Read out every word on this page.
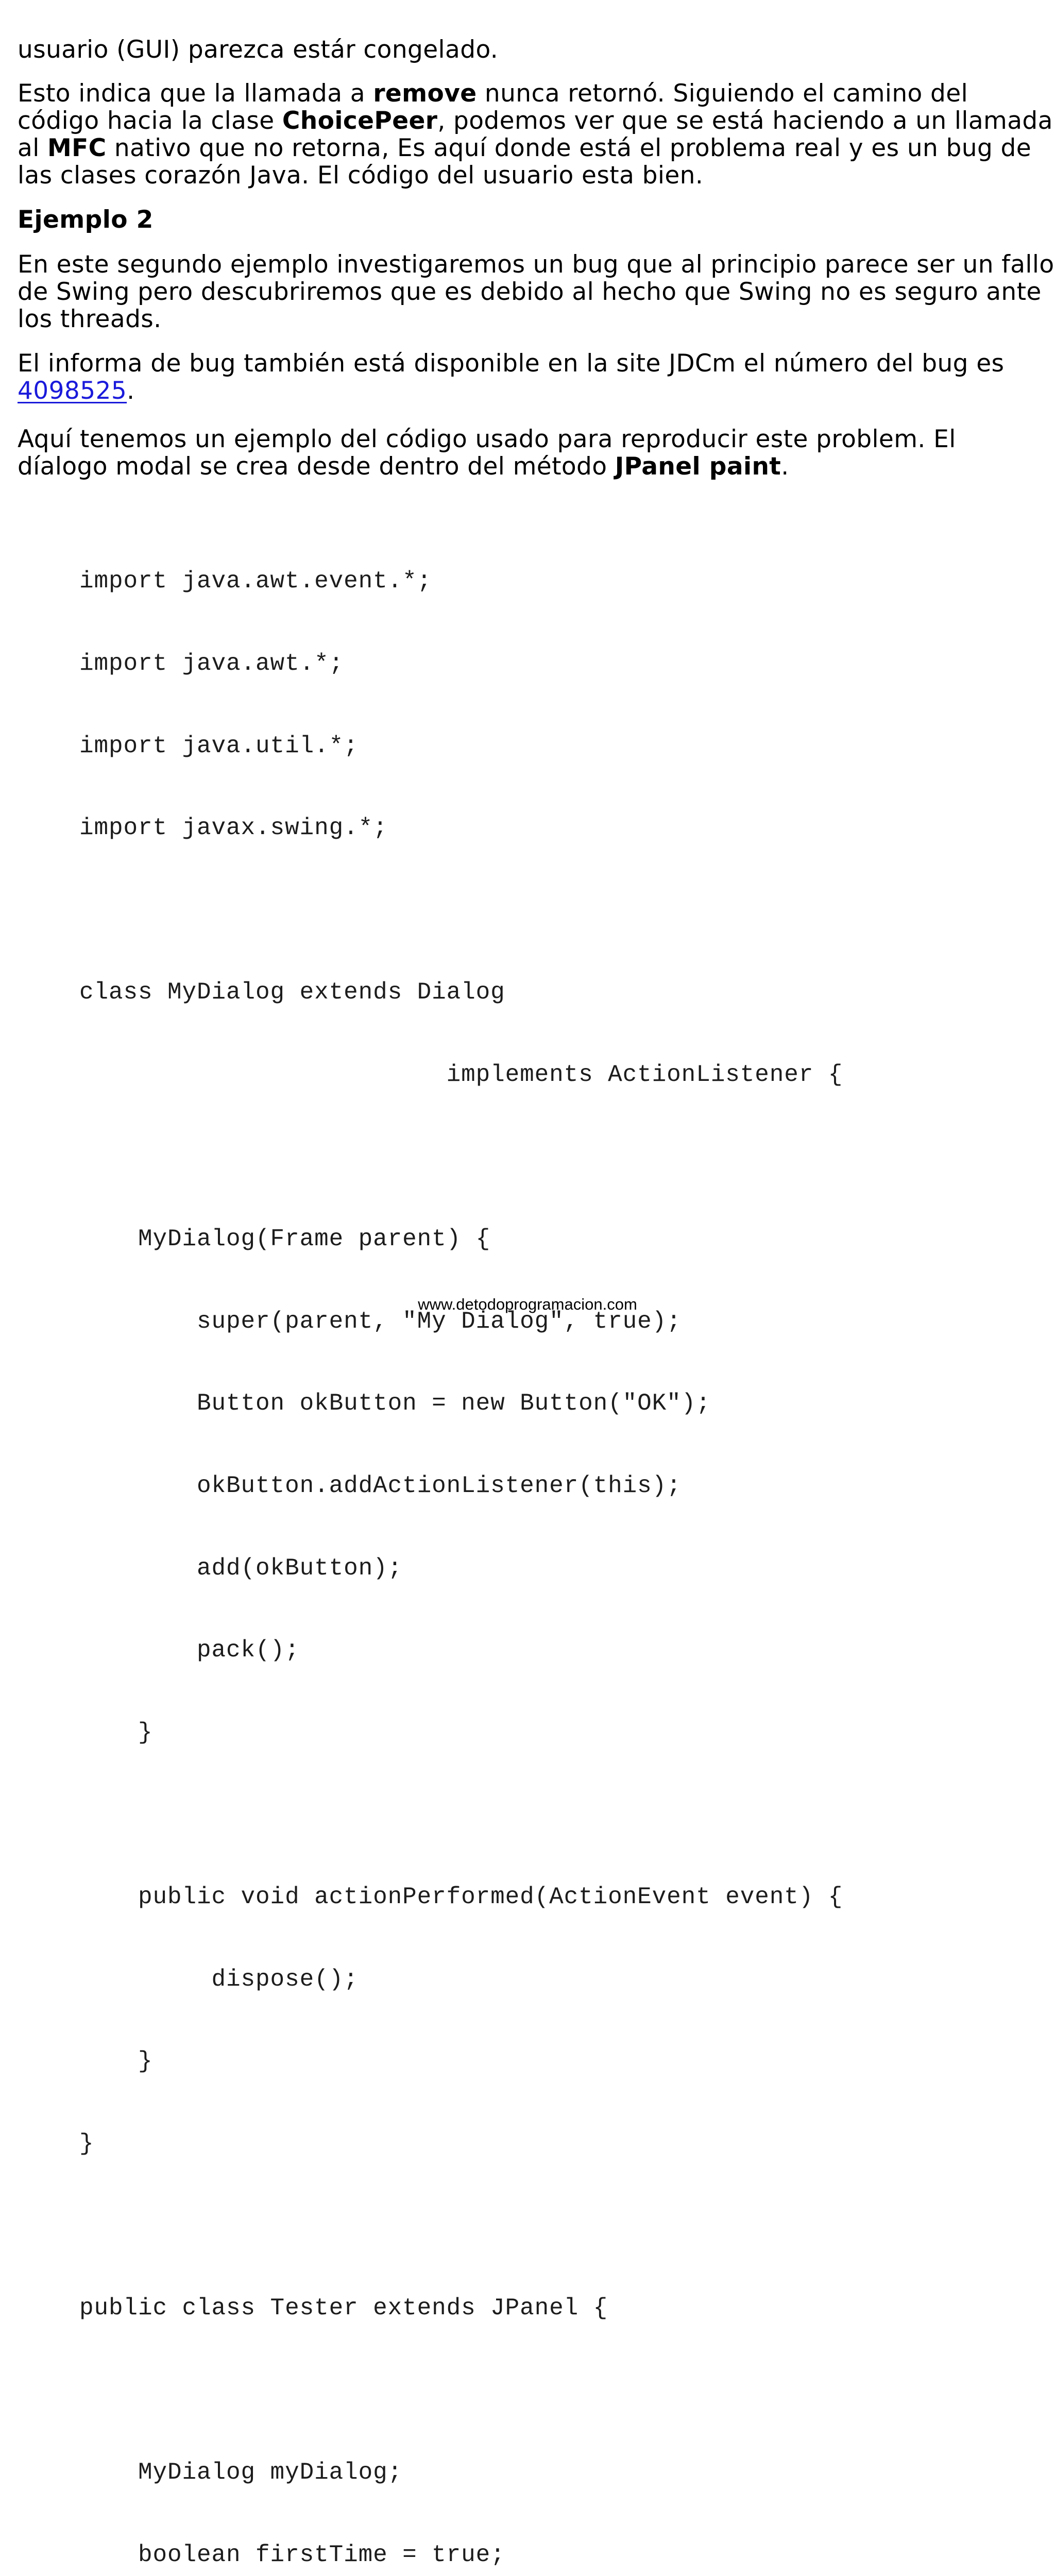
usuario (GUI) parezca estár congelado.
Esto indica que la llamada a remove nunca retornó. Siguiendo el camino del
código hacia la clase ChoicePeer, podemos ver que se está haciendo a un llamada
al MFC nativo que no retorna, Es aquí donde está el problema real y es un bug de
las clases corazón Java. El código del usuario esta bien.
Ejemplo 2
En este segundo ejemplo investigaremos un bug que al principio parece ser un fallo
de Swing pero descubriremos que es debido al hecho que Swing no es seguro ante
los threads.
El informa de bug también está disponible en la site JDCm el número del bug es
4098525.
Aquí tenemos un ejemplo del código usado para reproducir este problem. El
díalogo modal se crea desde dentro del método JPanel paint.

import java.awt.event.*;

import java.awt.*;

import java.util.*;

import javax.swing.*;

class MyDialog extends Dialog

implements ActionListener {

MyDialog(Frame parent) {

super(parent, "My Dialog", true);

Button okButton = new Button("OK");

okButton.addActionListener(this);

add(okButton);

pack();

}

public void actionPerformed(ActionEvent event) {

dispose();

}

}

public class Tester extends JPanel {

MyDialog myDialog;

boolean firstTime = true;

www.detodoprogramacion.com
